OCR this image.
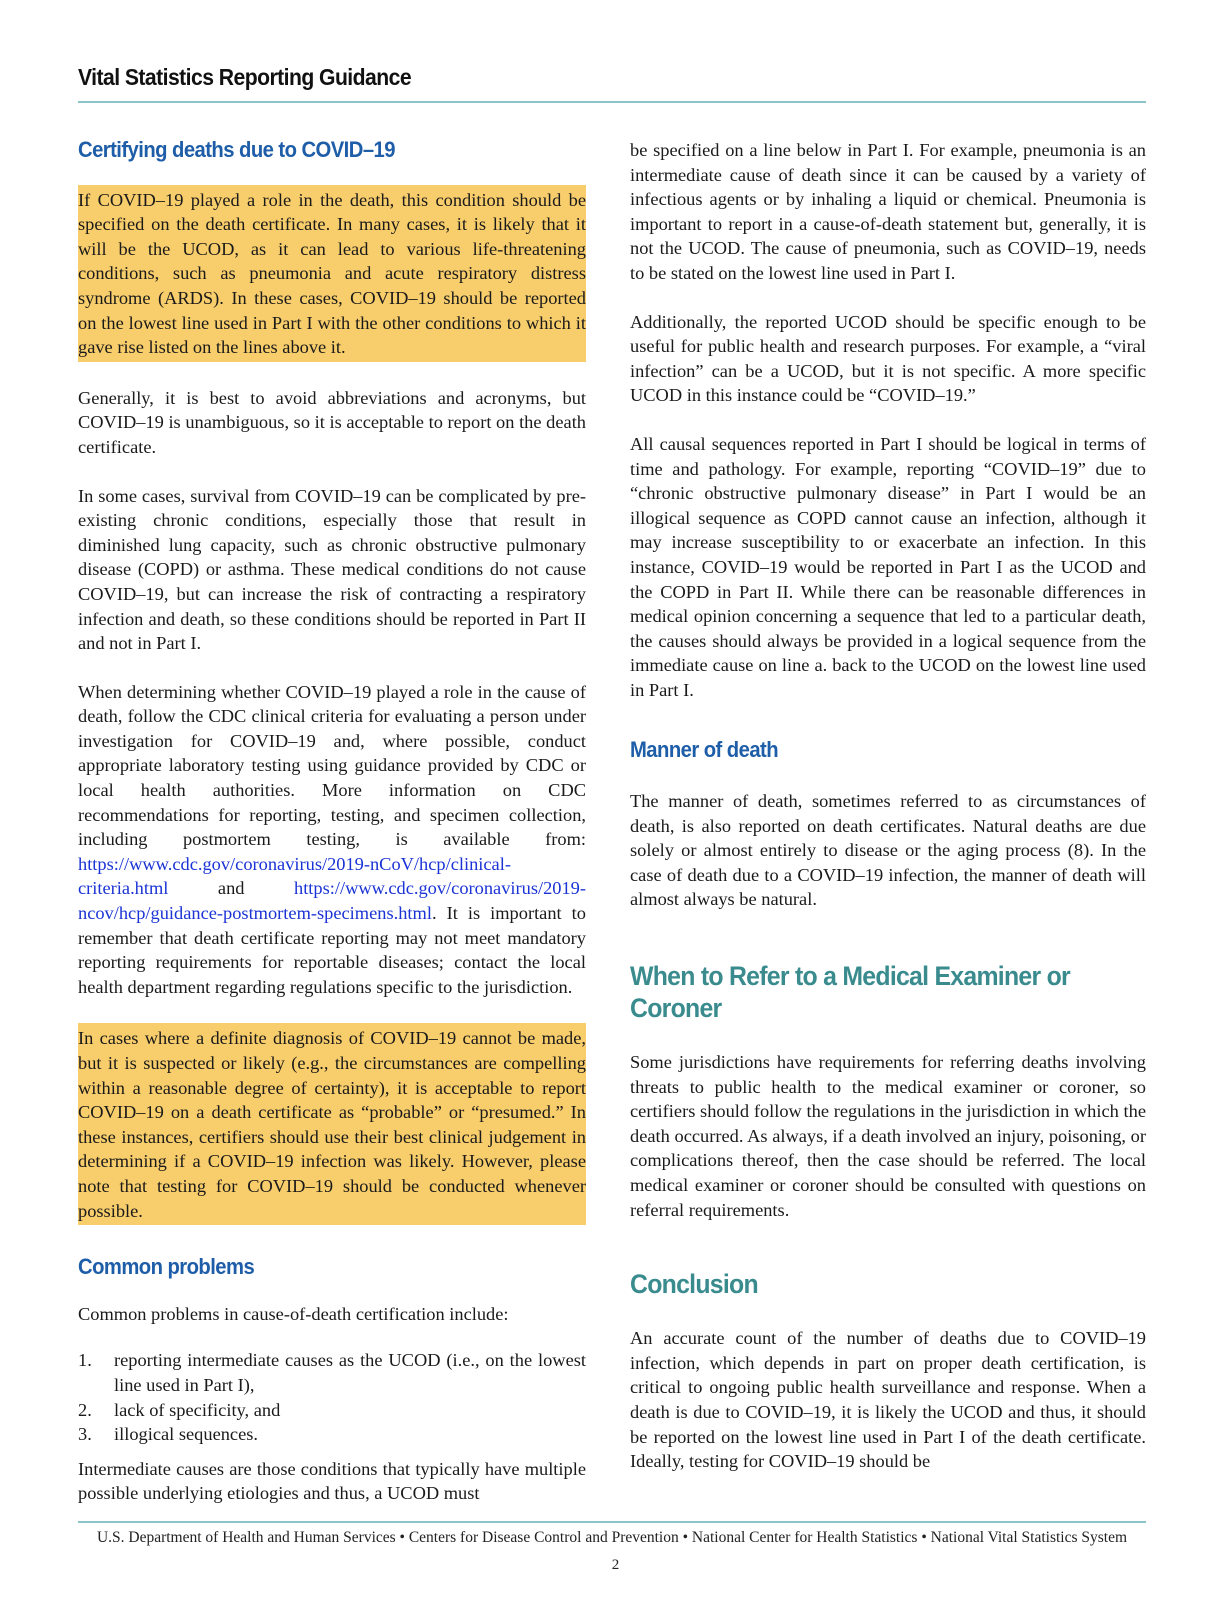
Vital Statistics Reporting Guidance
Certifying deaths due to COVID–19

If COVID–19 played a role in the death, this condition should be specified on the death certificate. In many cases, it is likely that it will be the UCOD, as it can lead to various life-threatening conditions, such as pneumonia and acute respiratory distress syndrome (ARDS). In these cases, COVID–19 should be reported on the lowest line used in Part I with the other conditions to which it gave rise listed on the lines above it.

Generally, it is best to avoid abbreviations and acronyms, but COVID–19 is unambiguous, so it is acceptable to report on the death certificate.

In some cases, survival from COVID–19 can be complicated by pre-existing chronic conditions, especially those that result in diminished lung capacity, such as chronic obstructive pulmonary disease (COPD) or asthma. These medical conditions do not cause COVID–19, but can increase the risk of contracting a respiratory infection and death, so these conditions should be reported in Part II and not in Part I.

When determining whether COVID–19 played a role in the cause of death, follow the CDC clinical criteria for evaluating a person under investigation for COVID–19 and, where possible, conduct appropriate laboratory testing using guidance provided by CDC or local health authorities. More information on CDC recommendations for reporting, testing, and specimen collection, including postmortem testing, is available from: https://www.cdc.gov/coronavirus/2019-nCoV/hcp/clinical-criteria.html and https://www.cdc.gov/coronavirus/2019-ncov/hcp/guidance-postmortem-specimens.html. It is important to remember that death certificate reporting may not meet mandatory reporting requirements for reportable diseases; contact the local health department regarding regulations specific to the jurisdiction.

In cases where a definite diagnosis of COVID–19 cannot be made, but it is suspected or likely (e.g., the circumstances are compelling within a reasonable degree of certainty), it is acceptable to report COVID–19 on a death certificate as “probable” or “presumed.” In these instances, certifiers should use their best clinical judgement in determining if a COVID–19 infection was likely. However, please note that testing for COVID–19 should be conducted whenever possible.

Common problems

Common problems in cause-of-death certification include:

1. reporting intermediate causes as the UCOD (i.e., on the lowest line used in Part I),
2. lack of specificity, and
3. illogical sequences.

Intermediate causes are those conditions that typically have multiple possible underlying etiologies and thus, a UCOD must

be specified on a line below in Part I. For example, pneumonia is an intermediate cause of death since it can be caused by a variety of infectious agents or by inhaling a liquid or chemical. Pneumonia is important to report in a cause-of-death statement but, generally, it is not the UCOD. The cause of pneumonia, such as COVID–19, needs to be stated on the lowest line used in Part I.

Additionally, the reported UCOD should be specific enough to be useful for public health and research purposes. For example, a “viral infection” can be a UCOD, but it is not specific. A more specific UCOD in this instance could be “COVID–19.”

All causal sequences reported in Part I should be logical in terms of time and pathology. For example, reporting “COVID–19” due to “chronic obstructive pulmonary disease” in Part I would be an illogical sequence as COPD cannot cause an infection, although it may increase susceptibility to or exacerbate an infection. In this instance, COVID–19 would be reported in Part I as the UCOD and the COPD in Part II. While there can be reasonable differences in medical opinion concerning a sequence that led to a particular death, the causes should always be provided in a logical sequence from the immediate cause on line a. back to the UCOD on the lowest line used in Part I.

Manner of death

The manner of death, sometimes referred to as circumstances of death, is also reported on death certificates. Natural deaths are due solely or almost entirely to disease or the aging process (8). In the case of death due to a COVID–19 infection, the manner of death will almost always be natural.

When to Refer to a Medical Examiner or Coroner

Some jurisdictions have requirements for referring deaths involving threats to public health to the medical examiner or coroner, so certifiers should follow the regulations in the jurisdiction in which the death occurred. As always, if a death involved an injury, poisoning, or complications thereof, then the case should be referred. The local medical examiner or coroner should be consulted with questions on referral requirements.

Conclusion

An accurate count of the number of deaths due to COVID–19 infection, which depends in part on proper death certification, is critical to ongoing public health surveillance and response. When a death is due to COVID–19, it is likely the UCOD and thus, it should be reported on the lowest line used in Part I of the death certificate. Ideally, testing for COVID–19 should be

U.S. Department of Health and Human Services • Centers for Disease Control and Prevention • National Center for Health Statistics • National Vital Statistics System
2
